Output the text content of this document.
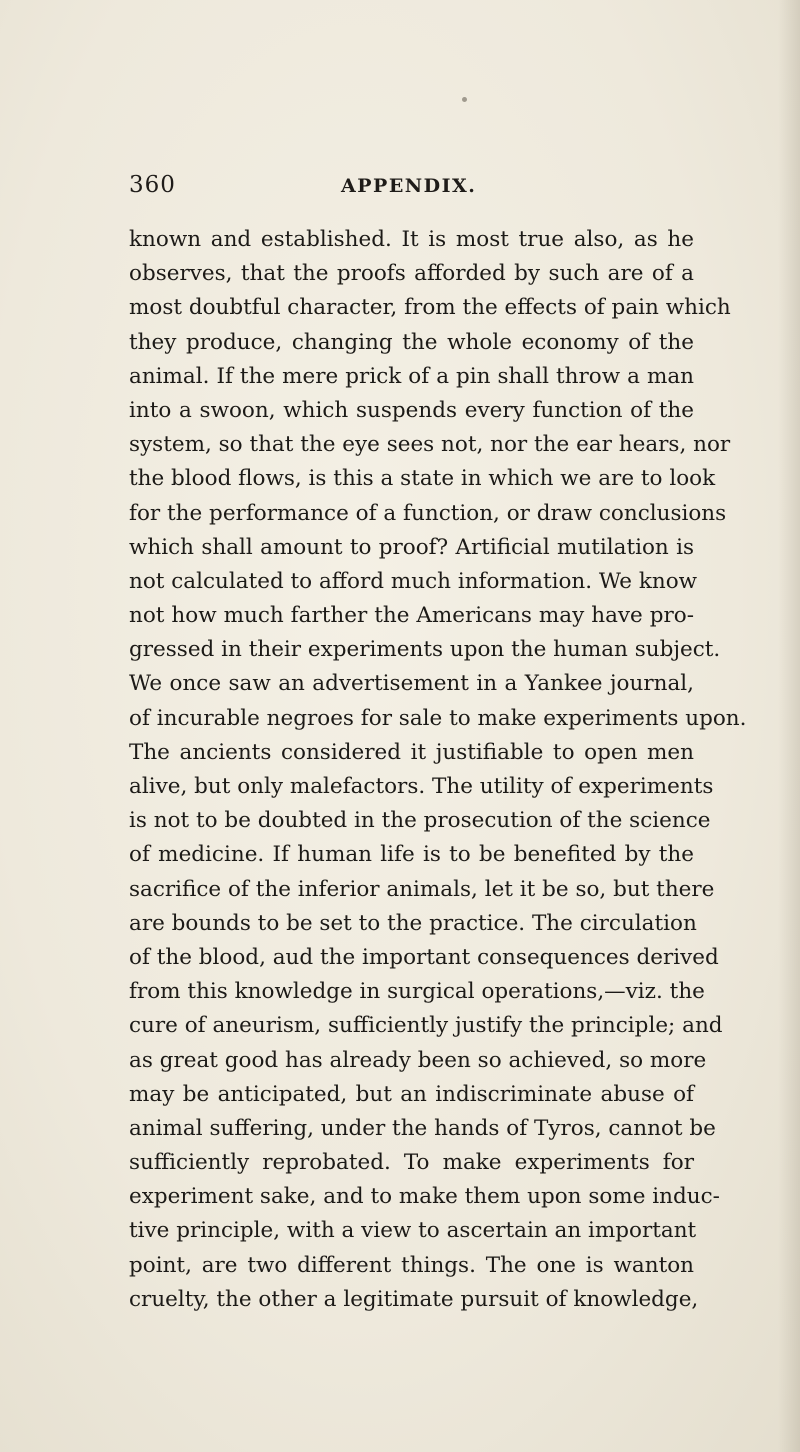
360	APPENDIX.
known and established. It is most true also, as he
observes, that the proofs afforded by such are of a
most doubtful character, from the effects of pain which
they produce, changing the whole economy of the
animal. If the mere prick of a pin shall throw a man
into a swoon, which suspends every function of the
system, so that the eye sees not, nor the ear hears, nor
the blood flows, is this a state in which we are to look
for the performance of a function, or draw conclusions
which shall amount to proof? Artificial mutilation is
not calculated to afford much information. We know
not how much farther the Americans may have pro-
gressed in their experiments upon the human subject.
We once saw an advertisement in a Yankee journal,
of incurable negroes for sale to make experiments upon.
The ancients considered it justifiable to open men
alive, but only malefactors. The utility of experiments
is not to be doubted in the prosecution of the science
of medicine. If human life is to be benefited by the
sacrifice of the inferior animals, let it be so, but there
are bounds to be set to the practice. The circulation
of the blood, aud the important consequences derived
from this knowledge in surgical operations,—viz. the
cure of aneurism, sufficiently justify the principle; and
as great good has already been so achieved, so more
may be anticipated, but an indiscriminate abuse of
animal suffering, under the hands of Tyros, cannot be
sufficiently reprobated. To make experiments for
experiment sake, and to make them upon some induc-
tive principle, with a view to ascertain an important
point, are two different things. The one is wanton
cruelty, the other a legitimate pursuit of knowledge,
